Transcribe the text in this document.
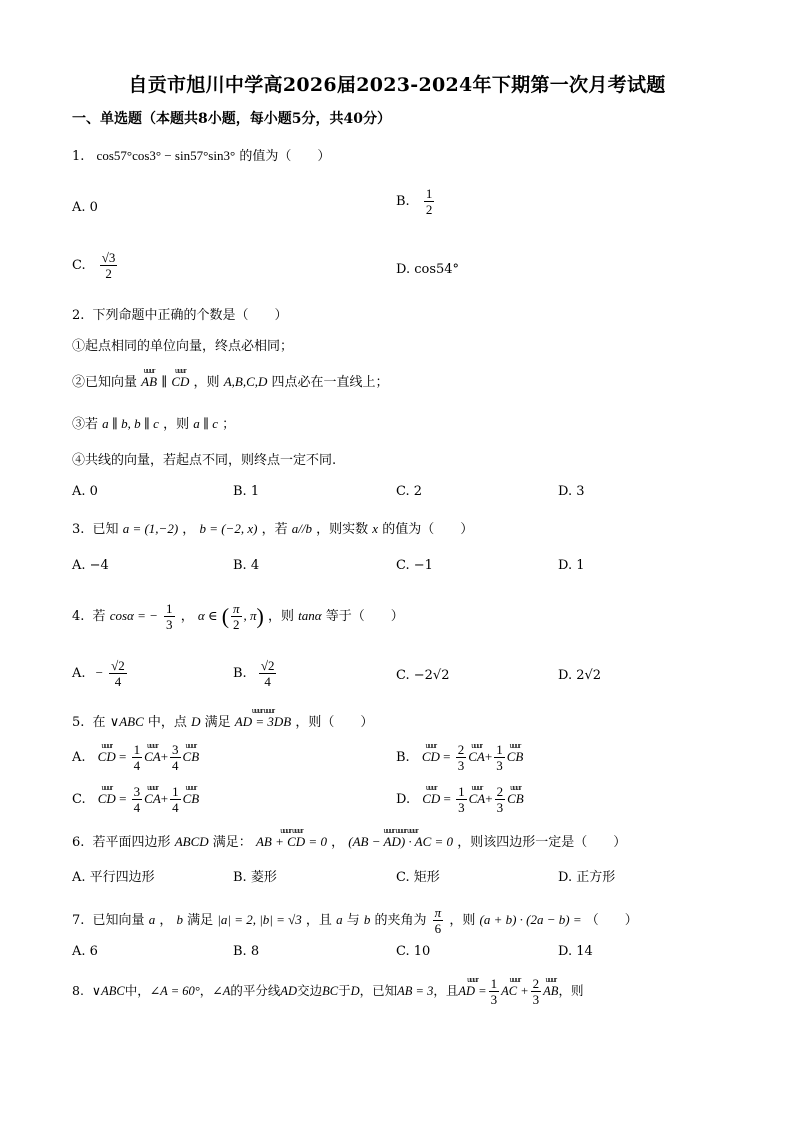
自贡市旭川中学高2026届2023-2024年下期第一次月考试题
一、单选题（本题共8小题，每小题5分，共40分）
1. cos57°cos3° − sin57°sin3° 的值为（　　）
A. 0	B. $\frac{1}{2}$
C. $\frac{√3}{2}$	D. cos54°
2. 下列命题中正确的个数是（　　）
①起点相同的单位向量，终点必相同；
②已知向量 uuur AB ∥ uuur CD ，则 A,B,C,D 四点必在一直线上；
③若 a ∥ b, b ∥ c ，则 a ∥ c ；
④共线的向量，若起点不同，则终点一定不同.
A. 0	B. 1	C. 2	D. 3
3. 已知 a = (1,−2) ， b = (−2, x) ，若 a//b ，则实数 x 的值为（　　）
A. −4	B. 4	C. −1	D. 1
4. 若 cosα = − $\frac{1}{3}$ ， α ∈ ( $\frac{\pi}{2}$ , π) ，则 tanα 等于（　　）
A. − $\frac{√2}{4}$	B. $\frac{√2}{4}$	C. −2√2	D. 2√2
5. 在 ∨ABC 中，点 D 满足 uuur uuur AD = 3DB ，则（　　）
A. uuur CD = $\frac{1}{4}$ uuur $CA+ \frac{3}{4}$ uuur CB	B. uuur CD = $\frac{2}{3}$ uuur $CA+ \frac{1}{3}$ uuur CB
C. uuur CD = $\frac{3}{4}$ uuur $CA+ \frac{1}{4}$ uuur CB	D. uuur CD = $\frac{1}{3}$ uuur $CA+ \frac{2}{3}$ uuur CB
6. 若平面四边形 ABCD 满足： uuur uuur AB + CD = 0 ， uuur uuur uuur (AB − AD) · AC = 0 ，则该四边形一定是（　　）
A. 平行四边形	B. 菱形	C. 矩形	D. 正方形
7. 已知向量 a ， b 满足 |a| = 2, |b| = √3 ，且 a 与 b 的夹角为 $\frac{\pi}{6}$ ，则 (a + b) · (2a − b) = （　　）
A. 6	B. 8	C. 10	D. 14
8. ∨ABC中，∠A = 60°，∠A的平分线AD交边BC于D，已知AB = 3，且uuur AD = $\frac{1}{3}$ uuur AC + $\frac{2}{3}$ uuur AB，则
